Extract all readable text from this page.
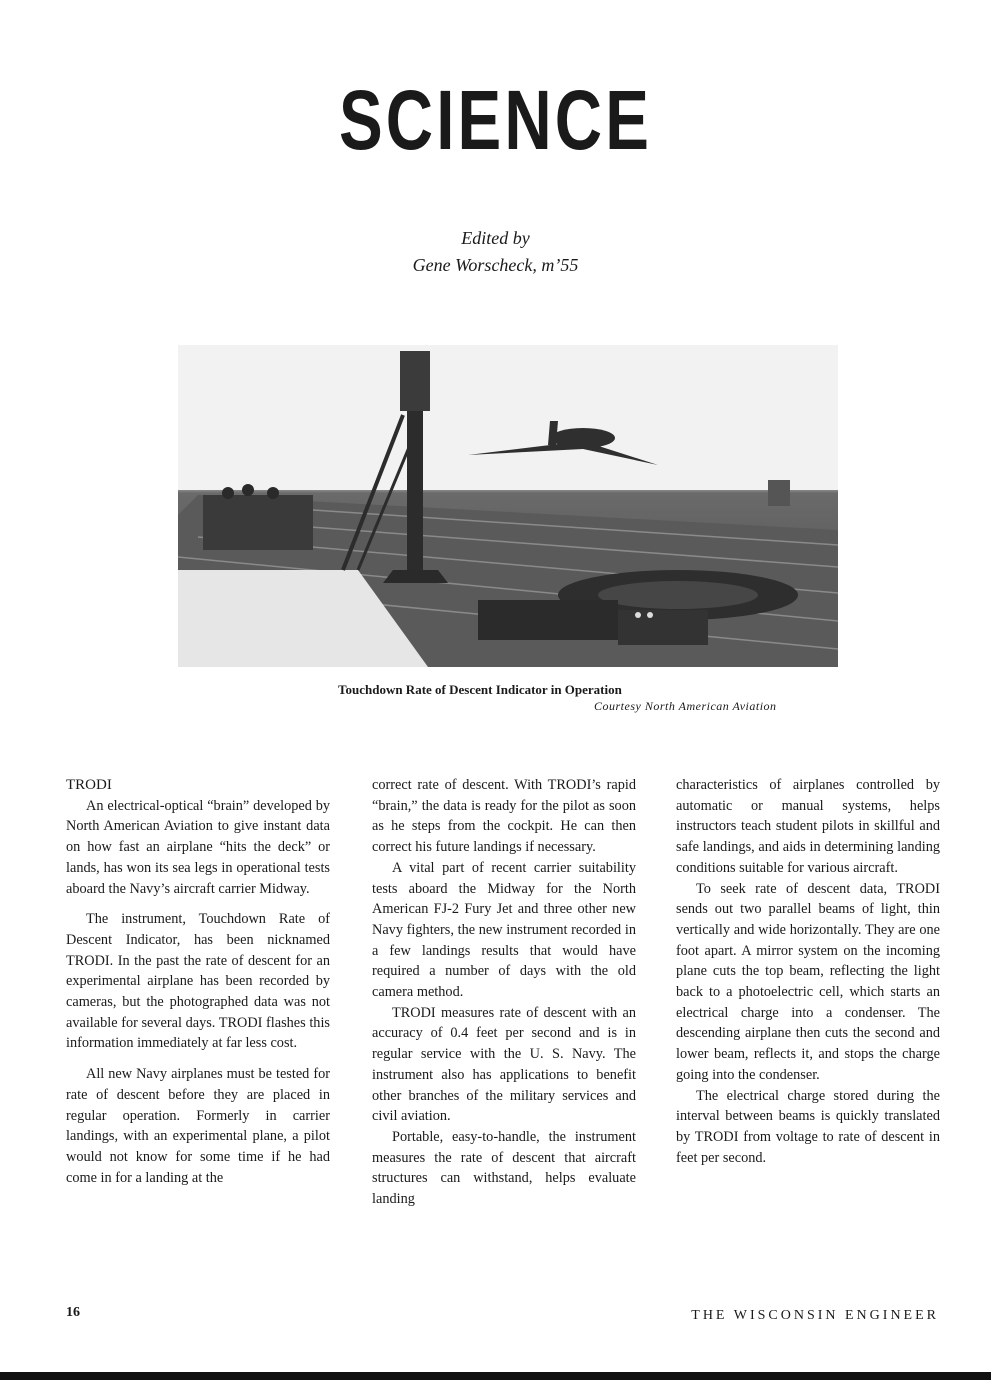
SCIENCE
Edited by
Gene Worscheck, m’55
Touchdown Rate of Descent Indicator in Operation
Courtesy North American Aviation
TRODI

An electrical-optical “brain” developed by North American Aviation to give instant data on how fast an airplane “hits the deck” or lands, has won its sea legs in operational tests aboard the Navy’s aircraft carrier Midway.

The instrument, Touchdown Rate of Descent Indicator, has been nicknamed TRODI. In the past the rate of descent for an experimental airplane has been recorded by cameras, but the photographed data was not available for several days. TRODI flashes this information immediately at far less cost.

All new Navy airplanes must be tested for rate of descent before they are placed in regular operation. Formerly in carrier landings, with an experimental plane, a pilot would not know for some time if he had come in for a landing at the

correct rate of descent. With TRODI’s rapid “brain,” the data is ready for the pilot as soon as he steps from the cockpit. He can then correct his future landings if necessary.

A vital part of recent carrier suitability tests aboard the Midway for the North American FJ-2 Fury Jet and three other new Navy fighters, the new instrument recorded in a few landings results that would have required a number of days with the old camera method.

TRODI measures rate of descent with an accuracy of 0.4 feet per second and is in regular service with the U. S. Navy. The instrument also has applications to benefit other branches of the military services and civil aviation.

Portable, easy-to-handle, the instrument measures the rate of descent that aircraft structures can withstand, helps evaluate landing

characteristics of airplanes controlled by automatic or manual systems, helps instructors teach student pilots in skillful and safe landings, and aids in determining landing conditions suitable for various aircraft.

To seek rate of descent data, TRODI sends out two parallel beams of light, thin vertically and wide horizontally. They are one foot apart. A mirror system on the incoming plane cuts the top beam, reflecting the light back to a photoelectric cell, which starts an electrical charge into a condenser. The descending airplane then cuts the second and lower beam, reflects it, and stops the charge going into the condenser.

The electrical charge stored during the interval between beams is quickly translated by TRODI from voltage to rate of descent in feet per second.

16	THE WISCONSIN ENGINEER
